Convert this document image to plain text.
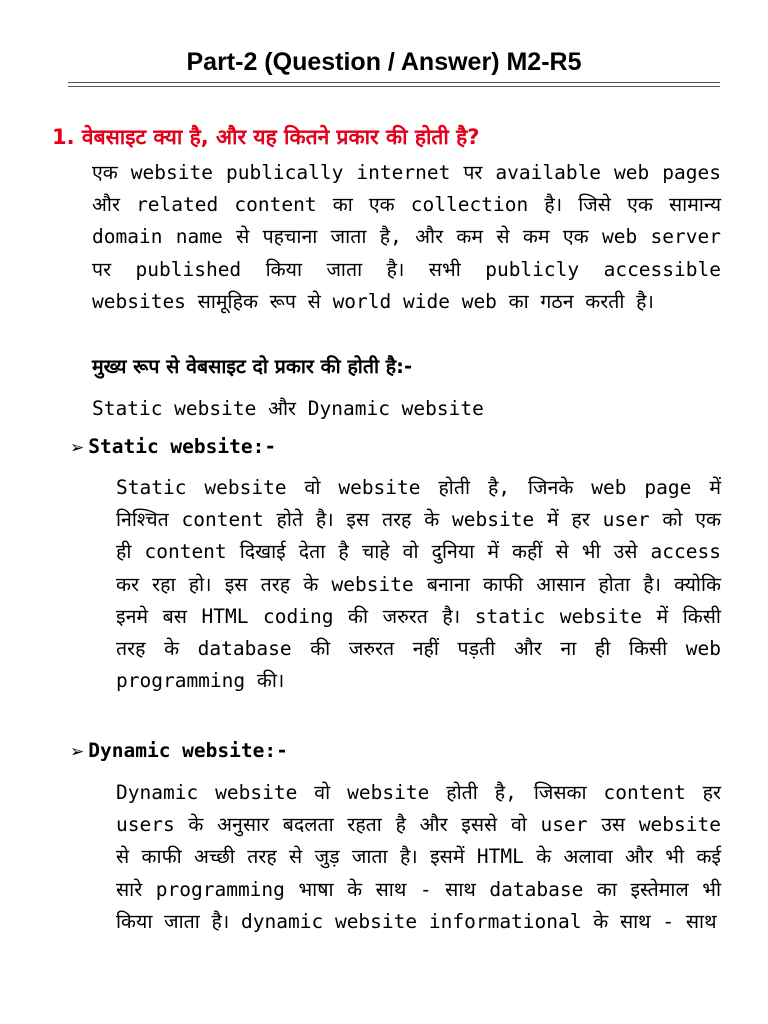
Part-2 (Question / Answer) M2-R5

1. वेबसाइट क्या है, और यह कितने प्रकार की होती है?

एक website publically internet पर available web pages और related content का एक collection है। जिसे एक सामान्य domain name से पहचाना जाता है, और कम से कम एक web server पर published किया जाता है। सभी publicly accessible websites सामूहिक रूप से world wide web का गठन करती है।

मुख्य रूप से वेबसाइट दो प्रकार की होती है:-

Static website और Dynamic website

➢ Static website:-

Static website वो website होती है, जिनके web page में निश्चित content होते है। इस तरह के website में हर user को एक ही content दिखाई देता है चाहे वो दुनिया में कहीं से भी उसे access कर रहा हो। इस तरह के website बनाना काफी आसान होता है। क्योकि इनमे बस HTML coding की जरुरत है। static website में किसी तरह के database की जरुरत नहीं पड़ती और ना ही किसी web programming की।

➢ Dynamic website:-

Dynamic website वो website होती है, जिसका content हर users के अनुसार बदलता रहता है और इससे वो user उस website से काफी अच्छी तरह से जुड़ जाता है। इसमें HTML के अलावा और भी कई सारे programming भाषा के साथ - साथ database का इस्तेमाल भी किया जाता है। dynamic website informational के साथ - साथ
